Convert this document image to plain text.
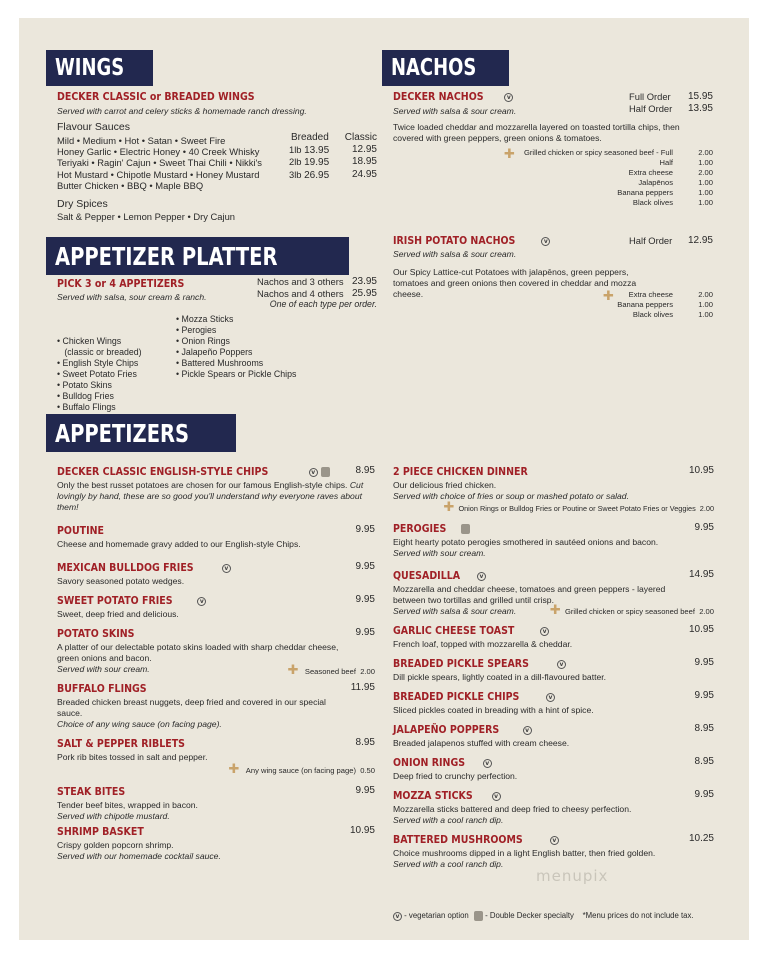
WINGS
DECKER CLASSIC or BREADED WINGS
Served with carrot and celery sticks & homemade ranch dressing.
Flavour Sauces
Mild • Medium • Hot • Satan • Sweet Fire
Honey Garlic • Electric Honey • 40 Creek Whisky
Teriyaki • Ragin' Cajun • Sweet Thai Chili • Nikki's
Hot Mustard • Chipotle Mustard • Honey Mustard
Butter Chicken • BBQ • Maple BBQ
Breaded Classic
1lb 13.95 12.95
2lb 19.95 18.95
3lb 26.95 24.95
Dry Spices
Salt & Pepper • Lemon Pepper • Dry Cajun
APPETIZER PLATTER
PICK 3 or 4 APPETIZERS
Served with salsa, sour cream & ranch.
Nachos and 3 others 23.95
Nachos and 4 others 25.95
One of each type per order.

• Chicken Wings
(classic or breaded)
• English Style Chips
• Sweet Potato Fries
• Potato Skins
• Bulldog Fries
• Buffalo Flings

• Mozza Sticks
• Perogies
• Onion Rings
• Jalapeño Poppers
• Battered Mushrooms
• Pickle Spears or Pickle Chips
NACHOS
DECKER NACHOS	v
Served with salsa & sour cream.
Full Order 15.95
Half Order 13.95
Twice loaded cheddar and mozzarella layered on toasted tortilla chips, then covered with green peppers, green onions & tomatoes.
✚ Grilled chicken or spicy seasoned beef - Full	2.00
Half	1.00
Extra cheese	2.00
Jalapēnos	1.00
Banana peppers	1.00
Black olives	1.00
IRISH POTATO NACHOS	v
Served with salsa & sour cream.
Half Order 12.95
Our Spicy Lattice-cut Potatoes with jalapēnos, green peppers, tomatoes and green onions then covered in cheddar and mozza cheese.	✚ Extra cheese	2.00
Banana peppers	1.00
Black olives	1.00
APPETIZERS
DECKER CLASSIC ENGLISH-STYLE CHIPS	v	8.95
Only the best russet potatoes are chosen for our famous English-style chips. Cut lovingly by hand, these are so good you'll understand why everyone raves about them!
POUTINE	9.95
Cheese and homemade gravy added to our English-style Chips.
MEXICAN BULLDOG FRIES	v	9.95
Savory seasoned potato wedges.
SWEET POTATO FRIES	v	9.95
Sweet, deep fried and delicious.
POTATO SKINS	9.95
A platter of our delectable potato skins loaded with sharp cheddar cheese, green onions and bacon.
Served with sour cream.	✚ Seasoned beef 2.00
BUFFALO FLINGS	11.95
Breaded chicken breast nuggets, deep fried and covered in our special sauce.
Choice of any wing sauce (on facing page).
SALT & PEPPER RIBLETS	8.95
Pork rib bites tossed in salt and pepper.
✚ Any wing sauce (on facing page) 0.50
STEAK BITES	9.95
Tender beef bites, wrapped in bacon.
Served with chipotle mustard.
SHRIMP BASKET	10.95
Crispy golden popcorn shrimp.
Served with our homemade cocktail sauce.
2 PIECE CHICKEN DINNER	10.95
Our delicious fried chicken.
Served with choice of fries or soup or mashed potato or salad.
✚ Onion Rings or Bulldog Fries or Poutine or Sweet Potato Fries or Veggies 2.00
PEROGIES	9.95
Eight hearty potato perogies smothered in sautéed onions and bacon.
Served with sour cream.
QUESADILLA	v	14.95
Mozzarella and cheddar cheese, tomatoes and green peppers - layered between two tortillas and grilled until crisp.
Served with salsa & sour cream.	✚ Grilled chicken or spicy seasoned beef 2.00
GARLIC CHEESE TOAST	v	10.95
French loaf, topped with mozzarella & cheddar.
BREADED PICKLE SPEARS	v	9.95
Dill pickle spears, lightly coated in a dill-flavoured batter.
BREADED PICKLE CHIPS	v	9.95
Sliced pickles coated in breading with a hint of spice.
JALAPEÑO POPPERS	v	8.95
Breaded jalapenos stuffed with cream cheese.
ONION RINGS	v	8.95
Deep fried to crunchy perfection.
MOZZA STICKS	v	9.95
Mozzarella sticks battered and deep fried to cheesy perfection.
Served with a cool ranch dip.
BATTERED MUSHROOMS	v	10.25
Choice mushrooms dipped in a light English batter, then fried golden.
Served with a cool ranch dip.
menupix
v - vegetarian option - Double Decker specialty *Menu prices do not include tax.
